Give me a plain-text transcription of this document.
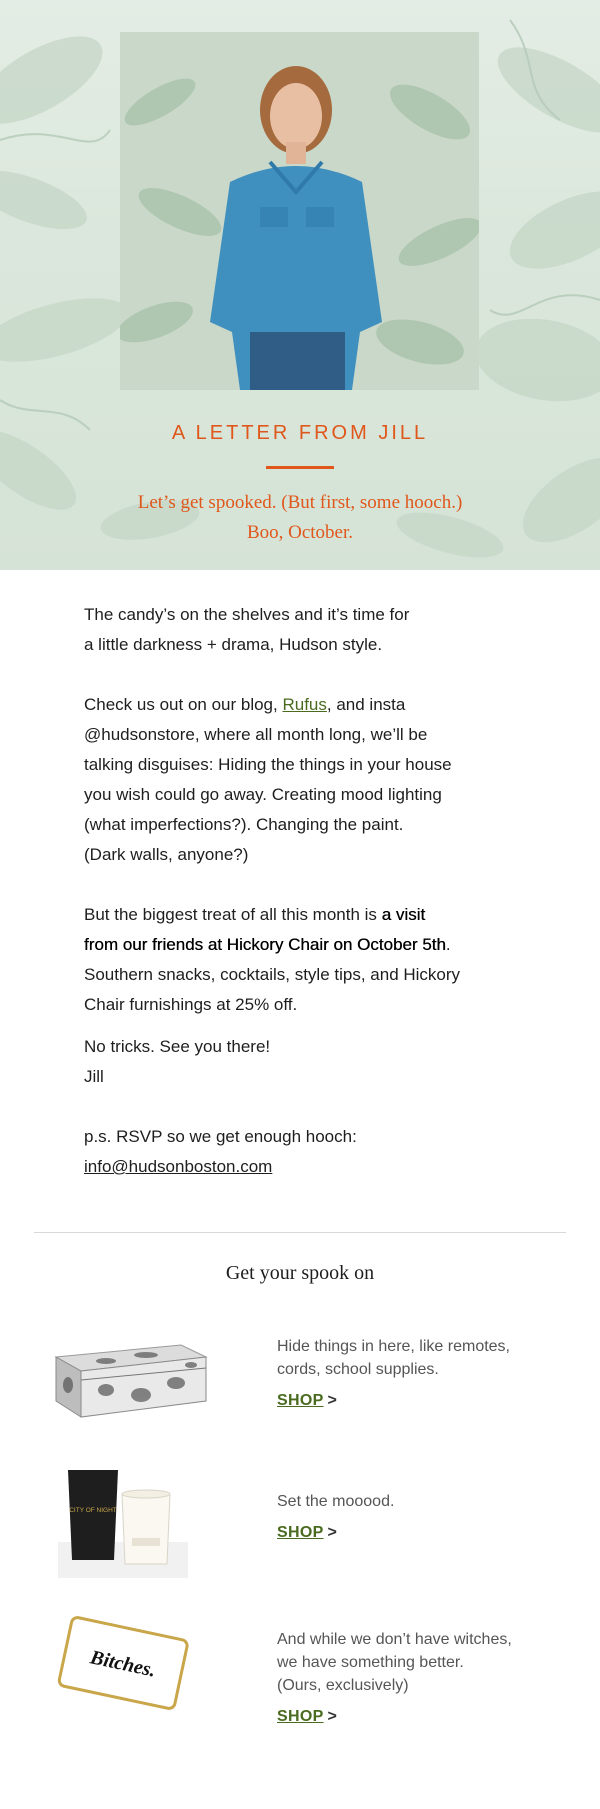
A LETTER FROM JILL
Let’s get spooked. (But first, some hooch.)
Boo, October.

The candy’s on the shelves and it’s time for
a little darkness + drama, Hudson style.

Check us out on our blog, Rufus, and insta
@hudsonstore, where all month long, we’ll be
talking disguises: Hiding the things in your house
you wish could go away. Creating mood lighting
(what imperfections?). Changing the paint.
(Dark walls, anyone?)

But the biggest treat of all this month is a visit
from our friends at Hickory Chair on October 5th.
Southern snacks, cocktails, style tips, and Hickory
Chair furnishings at 25% off.

No tricks. See you there!
Jill

p.s. RSVP so we get enough hooch:
info@hudsonboston.com

Get your spook on
Hide things in here, like remotes,
cords, school supplies.
SHOP >
CITY OF NIGHT
Set the mooood.
SHOP >
Bitches.
And while we don’t have witches,
we have something better.
(Ours, exclusively)
SHOP >
